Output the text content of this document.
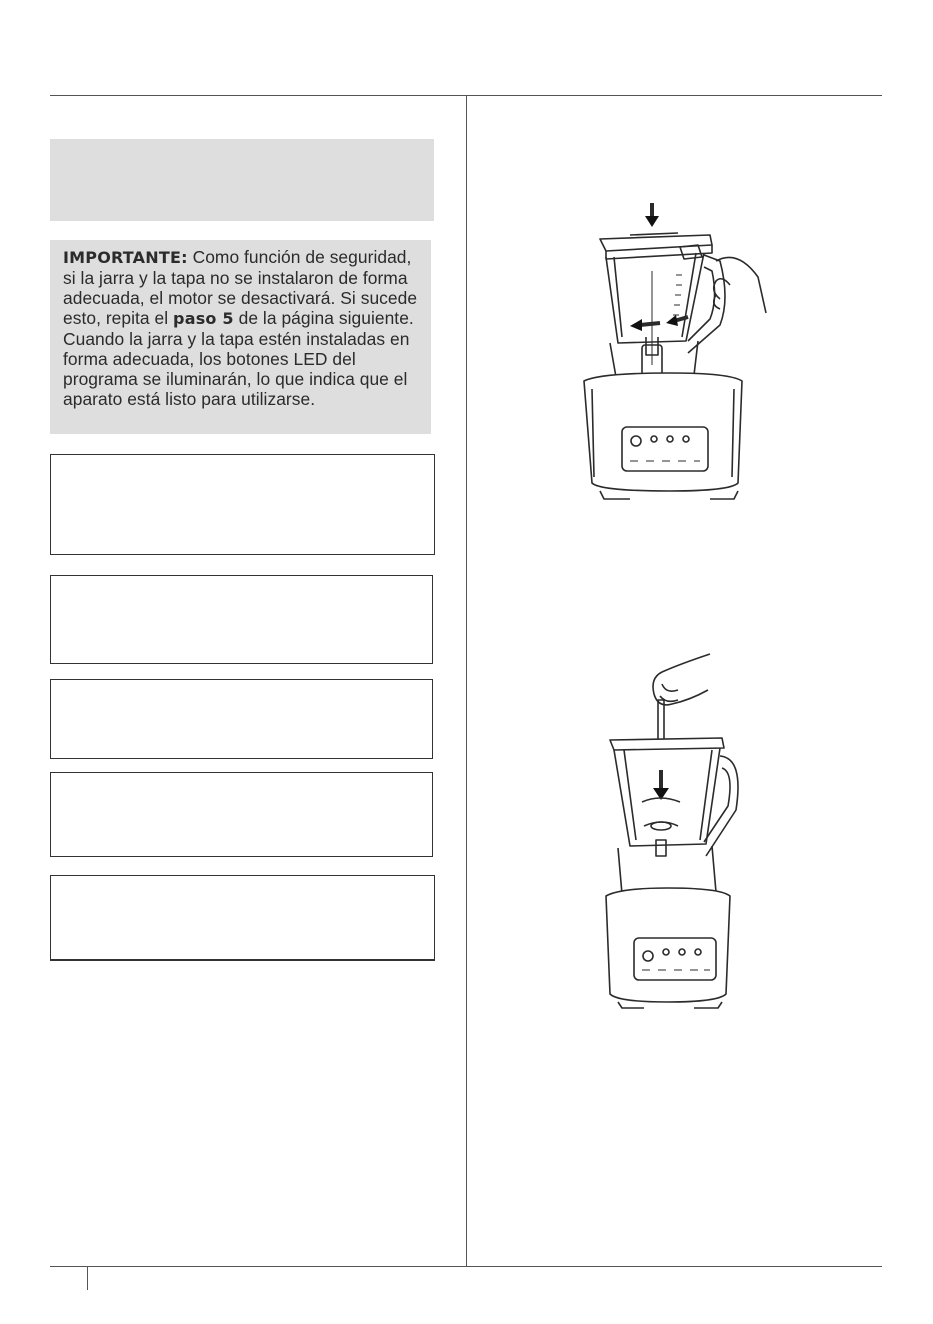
IMPORTANTE: Como función de seguridad, si la jarra y la tapa no se instalaron de forma adecuada, el motor se desactivará. Si sucede esto, repita el paso 5 de la página siguiente. Cuando la jarra y la tapa estén instaladas en forma adecuada, los botones LED del programa se iluminarán, lo que indica que el aparato está listo para utilizarse.
